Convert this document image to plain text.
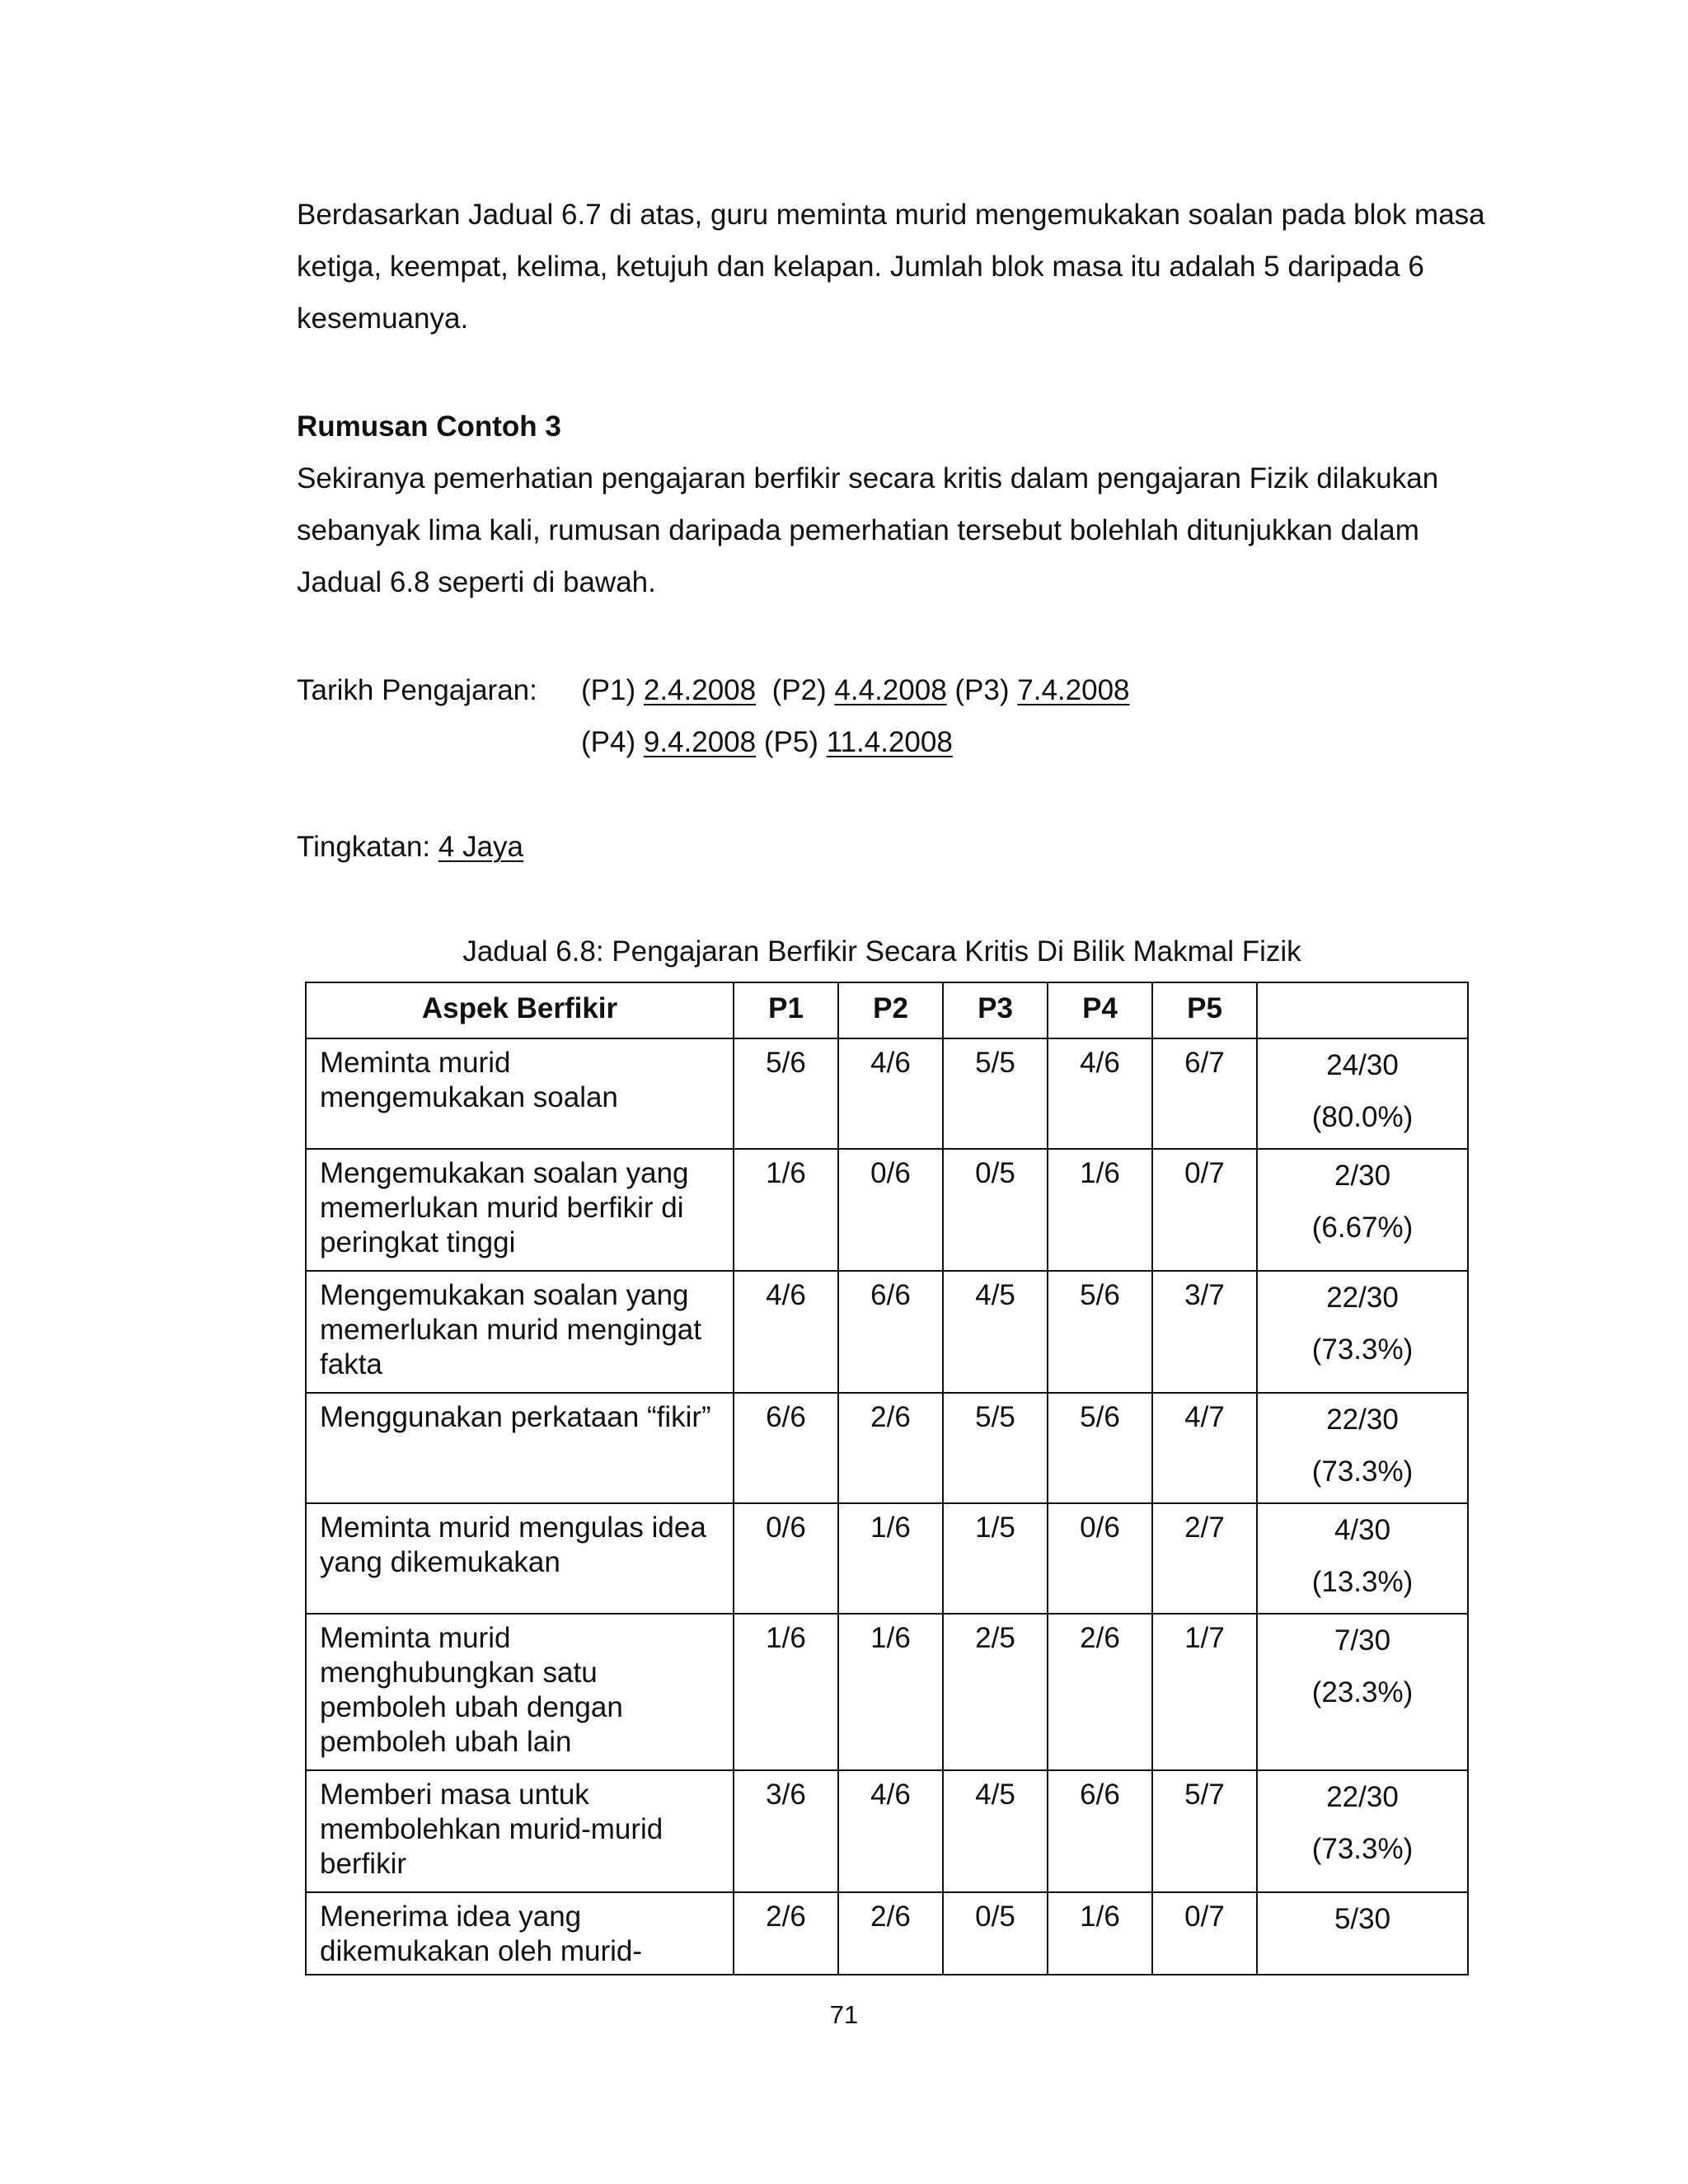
Berdasarkan Jadual 6.7 di atas, guru meminta murid mengemukakan soalan pada blok masa ketiga, keempat, kelima, ketujuh dan kelapan. Jumlah blok masa itu adalah 5 daripada 6 kesemuanya.

Rumusan Contoh 3

Sekiranya pemerhatian pengajaran berfikir secara kritis dalam pengajaran Fizik dilakukan sebanyak lima kali, rumusan daripada pemerhatian tersebut bolehlah ditunjukkan dalam Jadual 6.8 seperti di bawah.

Tarikh Pengajaran: (P1) 2.4.2008 (P2) 4.4.2008 (P3) 7.4.2008
(P4) 9.4.2008 (P5) 11.4.2008
Tingkatan: 4 Jaya
Jadual 6.8: Pengajaran Berfikir Secara Kritis Di Bilik Makmal Fizik
Aspek Berfikir	P1	P2	P3	P4	P5	
Meminta murid mengemukakan soalan	5/6	4/6	5/5	4/6	6/7	24/30
(80.0%)

Mengemukakan soalan yang memerlukan murid berfikir di peringkat tinggi	1/6	0/6	0/5	1/6	0/7	2/30
(6.67%)

Mengemukakan soalan yang memerlukan murid mengingat fakta	4/6	6/6	4/5	5/6	3/7	22/30
(73.3%)

Menggunakan perkataan “fikir”	6/6	2/6	5/5	5/6	4/7	22/30
(73.3%)

Meminta murid mengulas idea yang dikemukakan	0/6	1/6	1/5	0/6	2/7	4/30
(13.3%)

Meminta murid menghubungkan satu pemboleh ubah dengan pemboleh ubah lain	1/6	1/6	2/5	2/6	1/7	7/30
(23.3%)

Memberi masa untuk membolehkan murid-murid berfikir	3/6	4/6	4/5	6/6	5/7	22/30
(73.3%)

Menerima idea yang dikemukakan oleh murid-	2/6	2/6	0/5	1/6	0/7	5/30
71
